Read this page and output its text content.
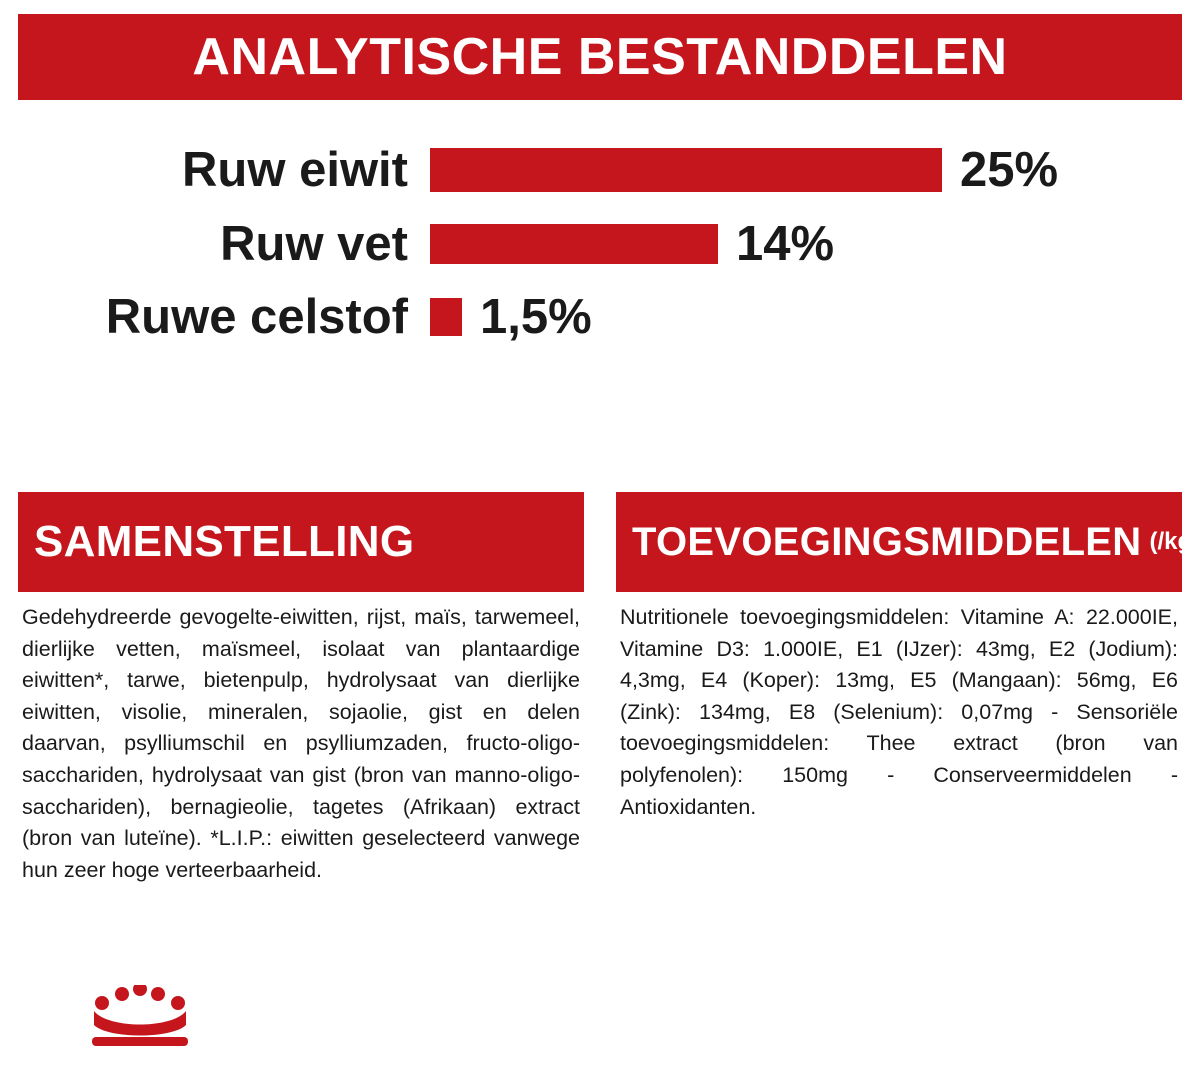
ANALYTISCHE BESTANDDELEN
Ruw eiwit	25%
Ruw vet	14%
Ruwe celstof	1,5%
SAMENSTELLING

Gedehydreerde gevogelte-eiwitten, rijst, maïs, tarwemeel, dierlijke vetten, maïsmeel, isolaat van plantaardige eiwitten*, tarwe, bietenpulp, hydrolysaat van dierlijke eiwitten, visolie, mineralen, sojaolie, gist en delen daarvan, psylliumschil en psylliumzaden, fructo-oligo-sacchariden, hydrolysaat van gist (bron van manno-oligo-sacchariden), bernagieolie, tagetes (Afrikaan) extract (bron van luteïne). *L.I.P.: eiwitten geselecteerd vanwege hun zeer hoge verteerbaarheid.

TOEVOEGINGSMIDDELEN (/kg)

Nutritionele toevoegingsmiddelen: Vitamine A: 22.000IE, Vitamine D3: 1.000IE, E1 (IJzer): 43mg, E2 (Jodium): 4,3mg, E4 (Koper): 13mg, E5 (Mangaan): 56mg, E6 (Zink): 134mg, E8 (Selenium): 0,07mg - Sensoriële toevoegingsmiddelen: Thee extract (bron van polyfenolen): 150mg - Conserveermiddelen - Antioxidanten.
